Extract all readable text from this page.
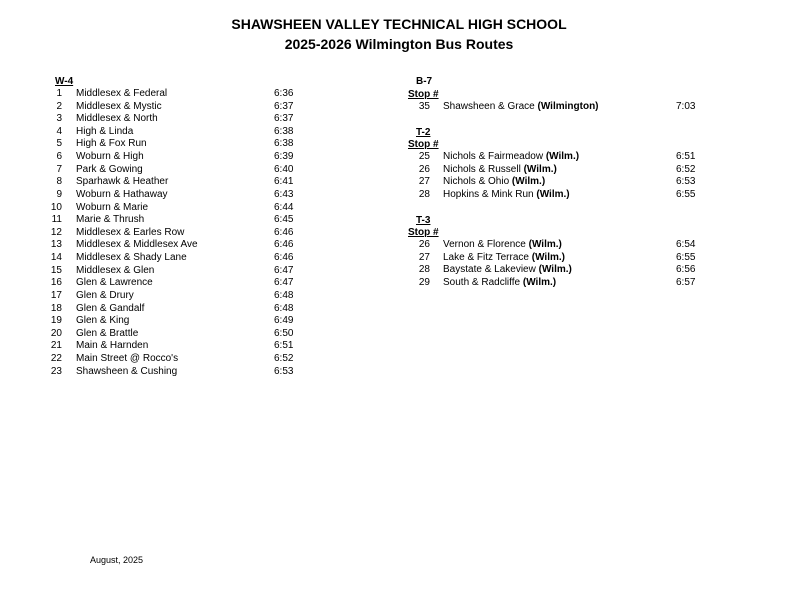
SHAWSHEEN VALLEY TECHNICAL HIGH SCHOOL
2025-2026 Wilmington Bus Routes
W-4
1 Middlesex & Federal	6:36
2 Middlesex & Mystic	6:37
3 Middlesex & North	6:37
4 High & Linda	6:38
5 High & Fox Run	6:38
6 Woburn & High	6:39
7 Park & Gowing	6:40
8 Sparhawk & Heather	6:41
9 Woburn & Hathaway	6:43
10 Woburn & Marie	6:44
11 Marie & Thrush	6:45
12 Middlesex & Earles Row	6:46
13 Middlesex & Middlesex Ave	6:46
14 Middlesex & Shady Lane	6:46
15 Middlesex & Glen	6:47
16 Glen & Lawrence	6:47
17 Glen & Drury	6:48
18 Glen & Gandalf	6:48
19 Glen & King	6:49
20 Glen & Brattle	6:50
21 Main & Harnden	6:51
22 Main Street @ Rocco's	6:52
23 Shawsheen & Cushing	6:53
B-7
Stop #
35 Shawsheen & Grace (Wilmington)	7:03
T-2
Stop #
25 Nichols & Fairmeadow (Wilm.)	6:51
26 Nichols & Russell (Wilm.)	6:52
27 Nichols & Ohio (Wilm.)	6:53
28 Hopkins & Mink Run (Wilm.)	6:55
T-3
Stop #
26 Vernon & Florence (Wilm.)	6:54
27 Lake & Fitz Terrace (Wilm.)	6:55
28 Baystate & Lakeview (Wilm.)	6:56
29 South & Radcliffe (Wilm.)	6:57
August, 2025
